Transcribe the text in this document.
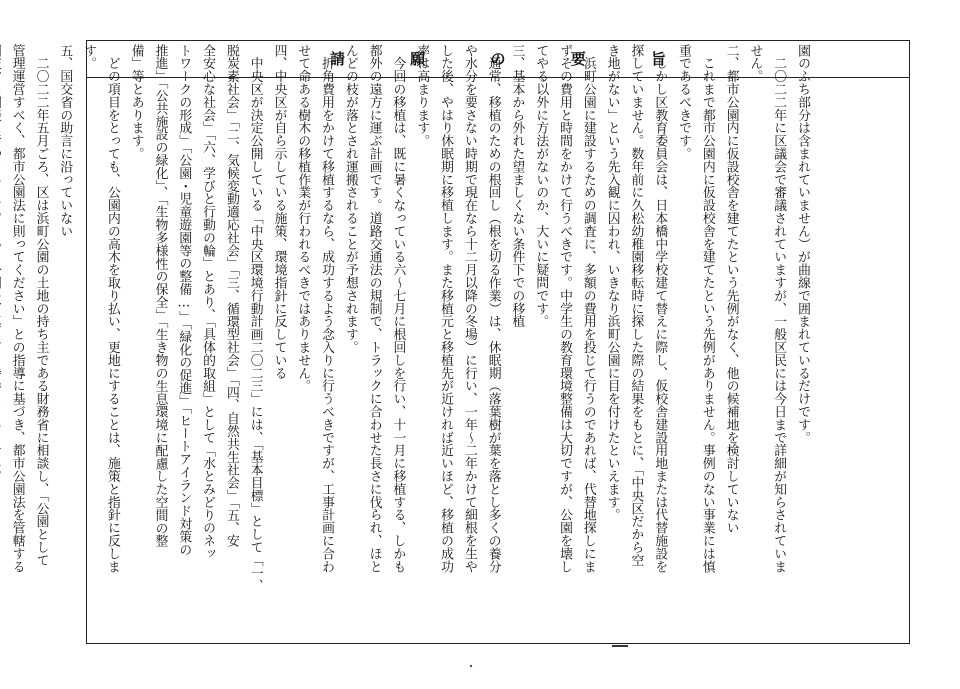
請 願 の 要 旨	園のふち部分は含まれていません）が曲線で囲まれているだけです。
　二〇二二年に区議会で審議されていますが、一般区民には今日まで詳細が知らされていま
せん。
二、都市公園内に仮設校舎を建てたという先例がなく、他の候補地を検討していない
　これまで都市公園内に仮設校舎を建てたという先例がありません。事例のない事業には慎
重であるべきです。
　しかし区教育委員会は、日本橋中学校建て替えに際し、仮校舎建設用地または代替施設を
探していません。数年前に久松幼稚園移転時に探した際の結果をもとに、「中央区だから空
き地がない」という先入観に囚われ、いきなり浜町公園に目を付けたといえます。
　浜町公園に建設するための調査に、多額の費用を投じて行うのであれば、代替地探しにま
ずその費用と時間をかけて行うべきです。中学生の教育環境整備は大切ですが、公園を壊し
てやる以外に方法がないのか、大いに疑問です。
三、基本から外れた望ましくない条件下での移植
　通常、移植のための根回し（根を切る作業）は、休眠期（落葉樹が葉を落とし多くの養分
や水分を要さない時期で現在なら十二月以降の冬場）に行い、一年～二年かけて細根を生や
した後、やはり休眠期に移植します。また移植元と移植先が近ければ近いほど、移植の成功
率は高まります。
　今回の移植は、既に暑くなっている六～七月に根回しを行い、十一月に移植する、しかも
都外の遠方に運ぶ計画です。道路交通法の規制で、トラックに合わせた長さに伐られ、ほと
んどの枝が落とされ運搬されることが予想されます。
　折角費用をかけて移植するなら、成功するよう念入りに行うべきですが、工事計画に合わ
せて命ある樹木の移植作業が行われるべきではありません。
四、中央区が自ら示している施策、環境指針に反している
　中央区が決定公開している「中央区環境行動計画二〇二三」には、「基本目標」として「一、
脱炭素社会」「二、気候変動適応社会」「三、循環型社会」「四、自然共生社会」「五、安
全安心な社会」「六、学びと行動の輪」とあり、「具体的取組」として「水とみどりのネッ
トワークの形成」「公園・児童遊園等の整備…」「緑化の促進」「ヒートアイランド対策の
推進」「公共施設の緑化」、「生物多様性の保全」「生き物の生息環境に配慮した空間の整
備」等とあります。
　どの項目をとっても、公園内の高木を取り払い、更地にすることは、施策と指針に反しま
す。
五、国交省の助言に沿っていない
　二〇二二年五月ごろ、区は浜町公園の土地の持ち主である財務省に相談し、「公園として
管理運営すべく、都市公園法に則ってください」との指導に基づき、都市公園法を管轄する
